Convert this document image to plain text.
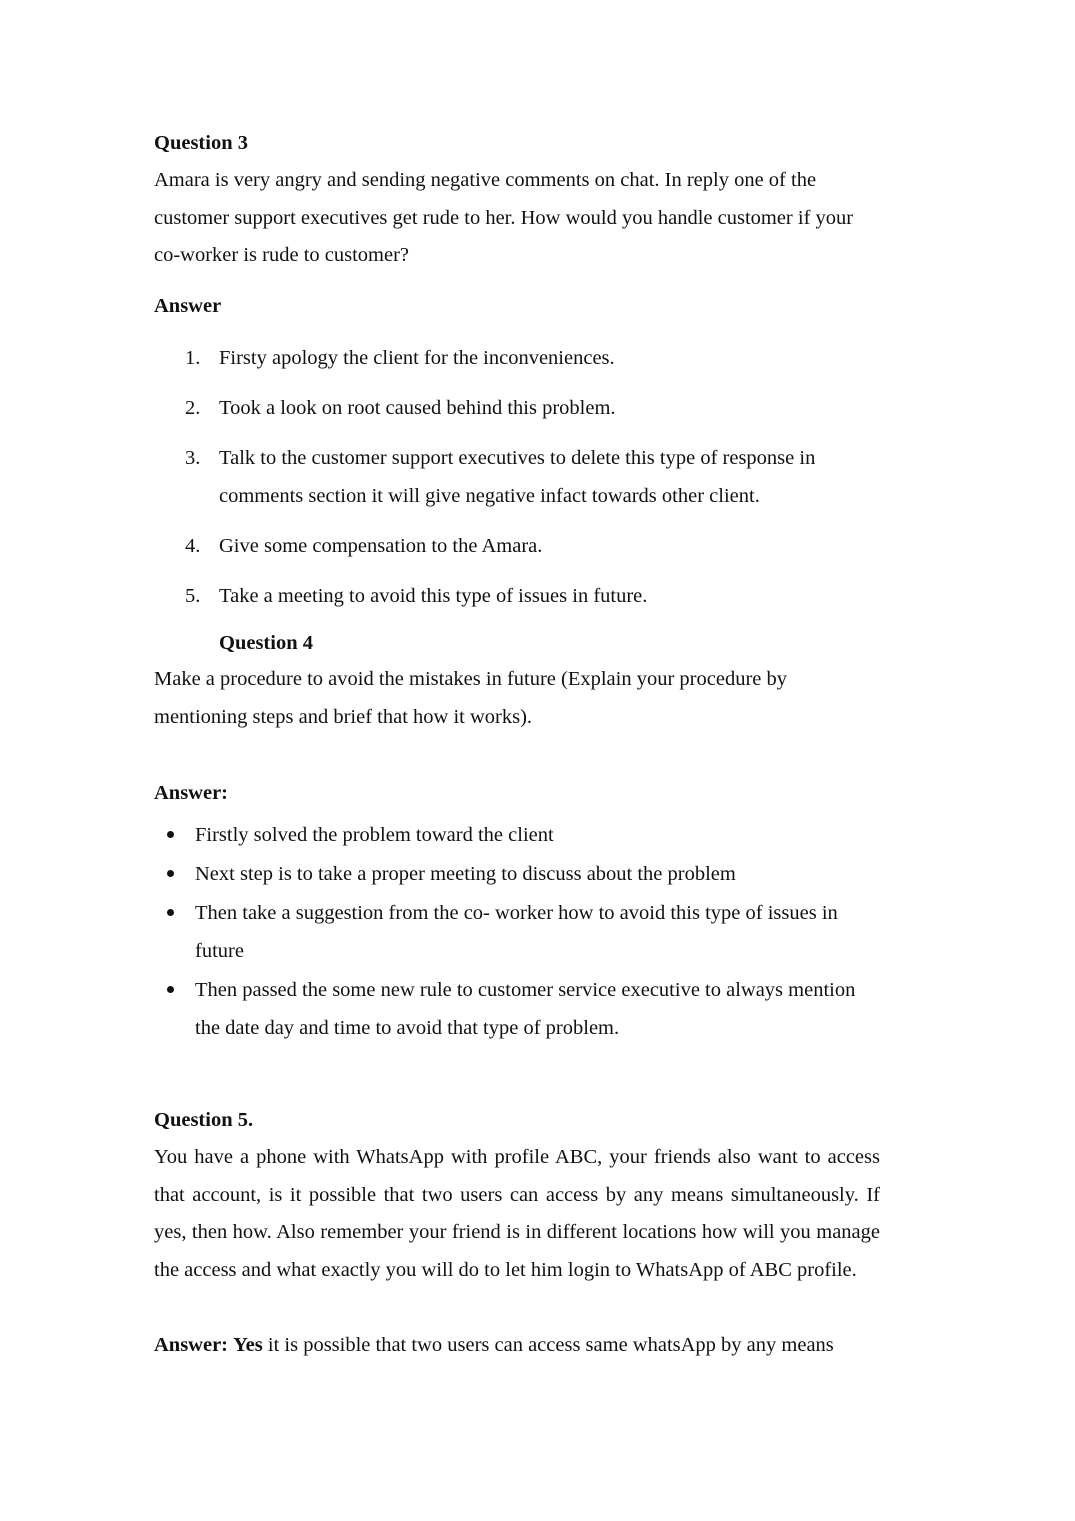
Question 3

Amara is very angry and sending negative comments on chat. In reply one of the customer support executives get rude to her. How would you handle customer if your co-worker is rude to customer?

Answer

1. Firsty apology the client for the inconveniences.
2. Took a look on root caused behind this problem.
3. Talk to the customer support executives to delete this type of response in comments section it will give negative infact towards other client.
4. Give some compensation to the Amara.
5. Take a meeting to avoid this type of issues in future.

Question 4

Make a procedure to avoid the mistakes in future (Explain your procedure by mentioning steps and brief that how it works).

Answer:

Firstly solved the problem toward the client
Next step is to take a proper meeting to discuss about the problem
Then take a suggestion from the co- worker how to avoid this type of issues in future
Then passed the some new rule to customer service executive to always mention the date day and time to avoid that type of problem.

Question 5.

You have a phone with WhatsApp with profile ABC, your friends also want to access that account, is it possible that two users can access by any means simultaneously. If yes, then how. Also remember your friend is in different locations how will you manage the access and what exactly you will do to let him login to WhatsApp of ABC profile.

Answer: Yes it is possible that two users can access same whatsApp by any means
